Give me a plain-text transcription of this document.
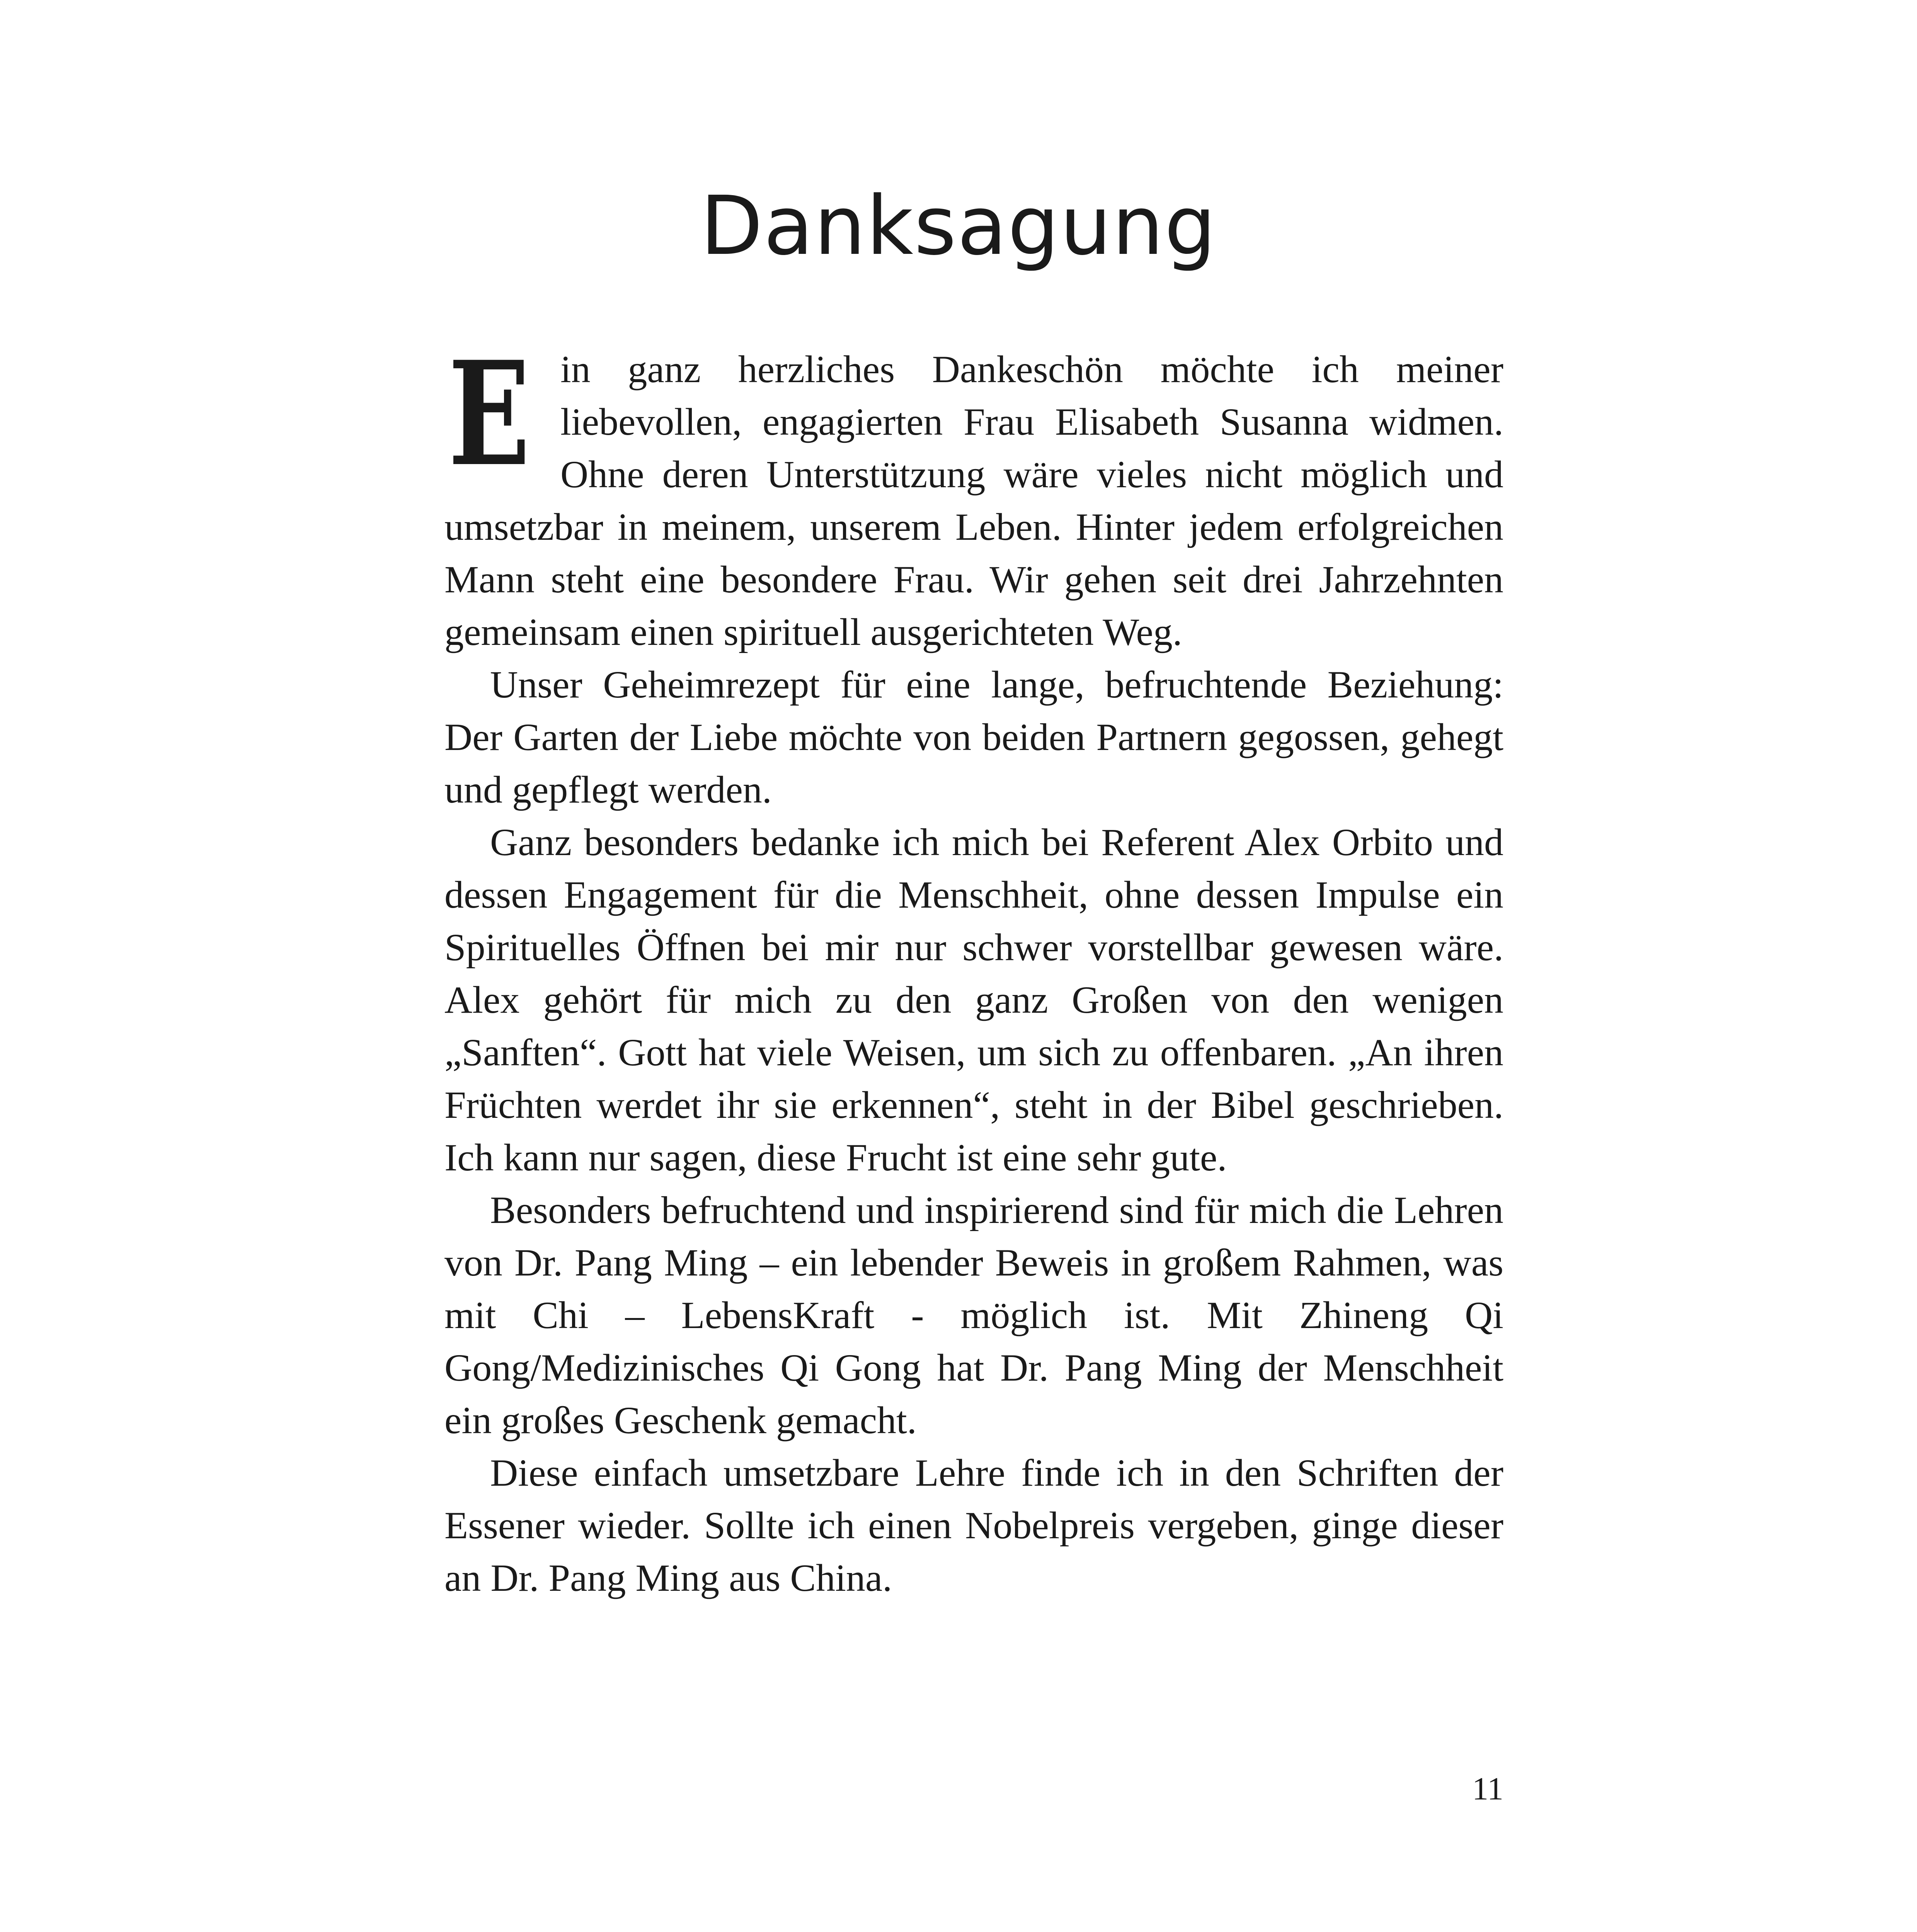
Danksagung

Ein ganz herzliches Dankeschön möchte ich meiner liebevollen, engagierten Frau Elisabeth Susanna widmen. Ohne deren Unterstützung wäre vieles nicht möglich und umsetzbar in meinem, unserem Leben. Hinter jedem erfolgreichen Mann steht eine besondere Frau. Wir gehen seit drei Jahrzehnten gemeinsam einen spirituell ausgerichteten Weg.

Unser Geheimrezept für eine lange, befruchtende Beziehung: Der Garten der Liebe möchte von beiden Partnern gegossen, gehegt und gepflegt werden.

Ganz besonders bedanke ich mich bei Referent Alex Orbito und dessen Engagement für die Menschheit, ohne dessen Impulse ein Spirituelles Öffnen bei mir nur schwer vorstellbar gewesen wäre. Alex gehört für mich zu den ganz Großen von den wenigen „Sanften“. Gott hat viele Weisen, um sich zu offenbaren. „An ihren Früchten werdet ihr sie erkennen“, steht in der Bibel geschrieben. Ich kann nur sagen, diese Frucht ist eine sehr gute.

Besonders befruchtend und inspirierend sind für mich die Lehren von Dr. Pang Ming – ein lebender Beweis in großem Rahmen, was mit Chi – LebensKraft - möglich ist. Mit Zhineng Qi Gong/Medizinisches Qi Gong hat Dr. Pang Ming der Menschheit ein großes Geschenk gemacht.

Diese einfach umsetzbare Lehre finde ich in den Schriften der Essener wieder. Sollte ich einen Nobelpreis vergeben, ginge dieser an Dr. Pang Ming aus China.

11
